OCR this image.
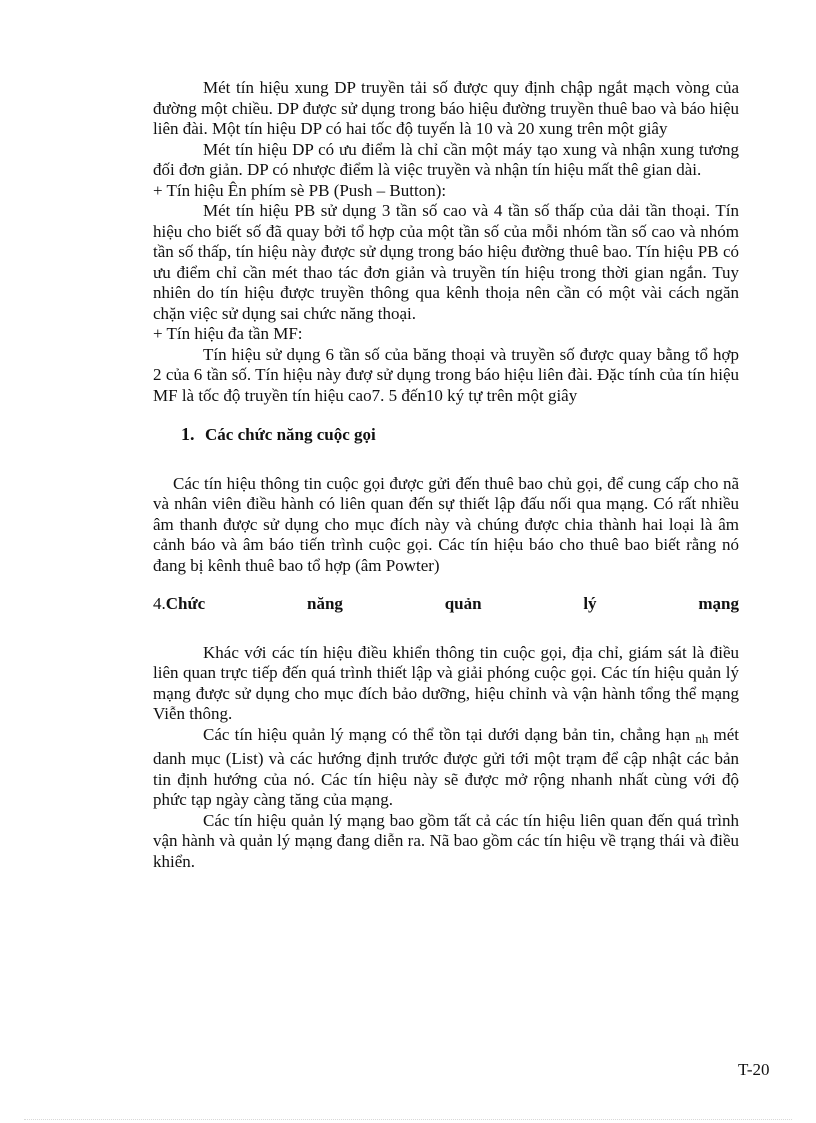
Mét tín hiệu xung DP truyền tải số được quy định chập ngắt mạch vòng của đường một chiều. DP được sử dụng trong báo hiệu đường truyền thuê bao và báo hiệu liên đài. Một tín hiệu DP có hai tốc độ tuyến là 10 và 20 xung trên một giây

Mét tín hiệu DP có ưu điểm là chỉ cần một máy tạo xung và nhận xung tương đối đơn giản. DP có nhược điểm là việc truyền và nhận tín hiệu mất thê gian dài.

+ Tín hiệu Ên phím sè PB (Push – Button):

Mét tín hiệu PB sử dụng 3 tần số cao và 4 tần số thấp của dải tần thoại. Tín hiệu cho biết số đã quay bởi tổ hợp của một tần số của mỗi nhóm tần số cao và nhóm tần số thấp, tín hiệu này được sử dụng trong báo hiệu đường thuê bao. Tín hiệu PB có ưu điểm chỉ cần mét thao tác đơn giản và truyền tín hiệu trong thời gian ngắn. Tuy nhiên do tín hiệu được truyền thông qua kênh thoịa nên cần có một vài cách ngăn chặn việc sử dụng sai chức năng thoại.

+ Tín hiệu đa tần MF:

Tín hiệu sử dụng 6 tần số của băng thoại và truyền số được quay bằng tổ hợp 2 của 6 tần số. Tín hiệu này đượ sử dụng trong báo hiệu liên đài. Đặc tính của tín hiệu MF là tốc độ truyền tín hiệu cao7. 5 đến10 ký tự trên một giây

1. Các chức năng cuộc gọi

Các tín hiệu thông tin cuộc gọi được gửi đến thuê bao chủ gọi, để cung cấp cho nã và nhân viên điều hành có liên quan đến sự thiết lập đấu nối qua mạng. Có rất nhiều âm thanh được sử dụng cho mục đích này và chúng được chia thành hai loại là âm cảnh báo và âm báo tiến trình cuộc gọi. Các tín hiệu báo cho thuê bao biết rằng nó đang bị kênh thuê bao tổ hợp (âm Powter)

4.Chức	năng	quản	lý	mạng

Khác với các tín hiệu điều khiển thông tin cuộc gọi, địa chỉ, giám sát là điều liên quan trực tiếp đến quá trình thiết lập và giải phóng cuộc gọi. Các tín hiệu quản lý mạng được sử dụng cho mục đích bảo dưỡng, hiệu chỉnh và vận hành tổng thể mạng Viễn thông.

Các tín hiệu quản lý mạng có thể tồn tại dưới dạng bản tin, chẳng hạn nh mét danh mục (List) và các hướng định trước được gửi tới một trạm để cập nhật các bản tin định hướng của nó. Các tín hiệu này sẽ được mở rộng nhanh nhất cùng với độ phức tạp ngày càng tăng của mạng.

Các tín hiệu quản lý mạng bao gồm tất cả các tín hiệu liên quan đến quá trình vận hành và quản lý mạng đang diễn ra. Nã bao gồm các tín hiệu về trạng thái và điều khiển.

T-20
